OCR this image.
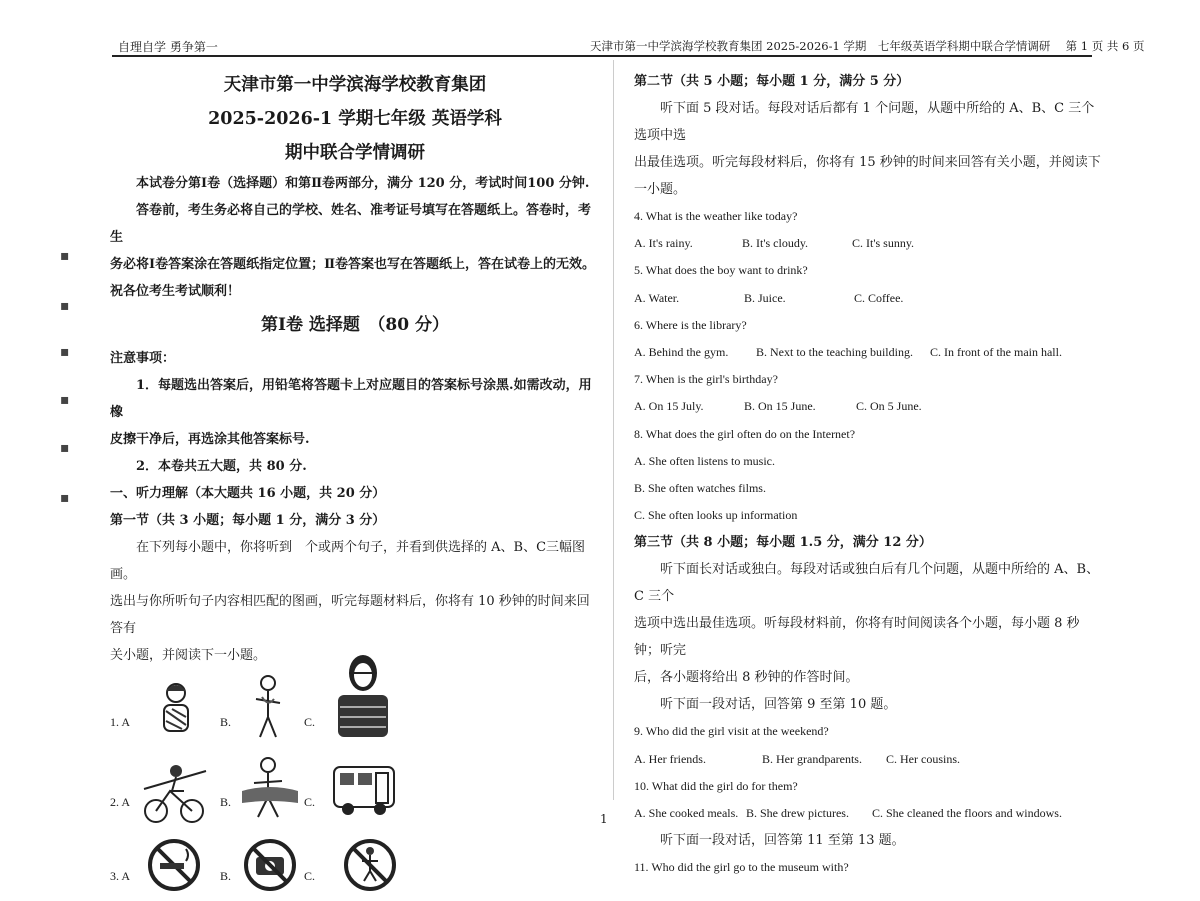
自理自学 勇争第一	天津市第一中学滨海学校教育集团 2025-2026-1 学期　七年级英语学科期中联合学情调研　 第 1 页 共 6 页
▪
▪
▪
▪
▪
▪

天津市第一中学滨海学校教育集团

2025-2026-1 学期七年级 英语学科

期中联合学情调研

本试卷分第Ⅰ卷（选择题）和第Ⅱ卷两部分，满分 120 分，考试时间100 分钟.

答卷前，考生务必将自己的学校、姓名、准考证号填写在答题纸上。答卷时，考生

务必将Ⅰ卷答案涂在答题纸指定位置；Ⅱ卷答案也写在答题纸上，答在试卷上的无效。

祝各位考生考试顺利！

第Ⅰ卷 选择题　（80 分）

注意事项：

1．每题选出答案后，用铅笔将答题卡上对应题目的答案标号涂黑.如需改动，用橡

皮擦干净后，再选涂其他答案标号.

2．本卷共五大题，共 80 分.

一、听力理解（本大题共 16 小题，共 20 分）

第一节（共 3 小题；每小题 1 分，满分 3 分）

在下列每小题中，你将听到　个或两个句子，并看到供选择的 A、B、C三幅图画。

选出与你所听句子内容相匹配的图画，听完每题材料后，你将有 10 秒钟的时间来回答有

关小题，并阅读下一小题。

1. A	B.	C.
2. A	B.	C.
3. A	B.	C.

第二节（共 5 小题；每小题 1 分，满分 5 分）

听下面 5 段对话。每段对话后都有 1 个问题，从题中所给的 A、B、C 三个选项中选

出最佳选项。听完每段材料后，你将有 15 秒钟的时间来回答有关小题，并阅读下一小题。

4. What is the weather like today?

A. It's rainy.	B. It's cloudy.	C. It's sunny.

5. What does the boy want to drink?

A. Water.	B. Juice.	C. Coffee.

6. Where is the library?

A. Behind the gym.	B. Next to the teaching building.	C. In front of the main hall.

7. When is the girl's birthday?

A. On 15 July.	B. On 15 June.	C. On 5 June.

8. What does the girl often do on the Internet?

A. She often listens to music.

B. She often watches films.

C. She often looks up information

第三节（共 8 小题；每小题 1.5 分，满分 12 分）

听下面长对话或独白。每段对话或独白后有几个问题，从题中所给的 A、B、C 三个

选项中选出最佳选项。听每段材料前，你将有时间阅读各个小题，每小题 8 秒钟；听完

后，各小题将给出 8 秒钟的作答时间。

听下面一段对话，回答第 9 至第 10 题。

9. Who did the girl visit at the weekend?

A. Her friends.	B. Her grandparents.	C. Her cousins.

10. What did the girl do for them?

A. She cooked meals. B. She drew pictures.	C. She cleaned the floors and windows.

听下面一段对话，回答第 11 至第 13 题。

11. Who did the girl go to the museum with?

1
